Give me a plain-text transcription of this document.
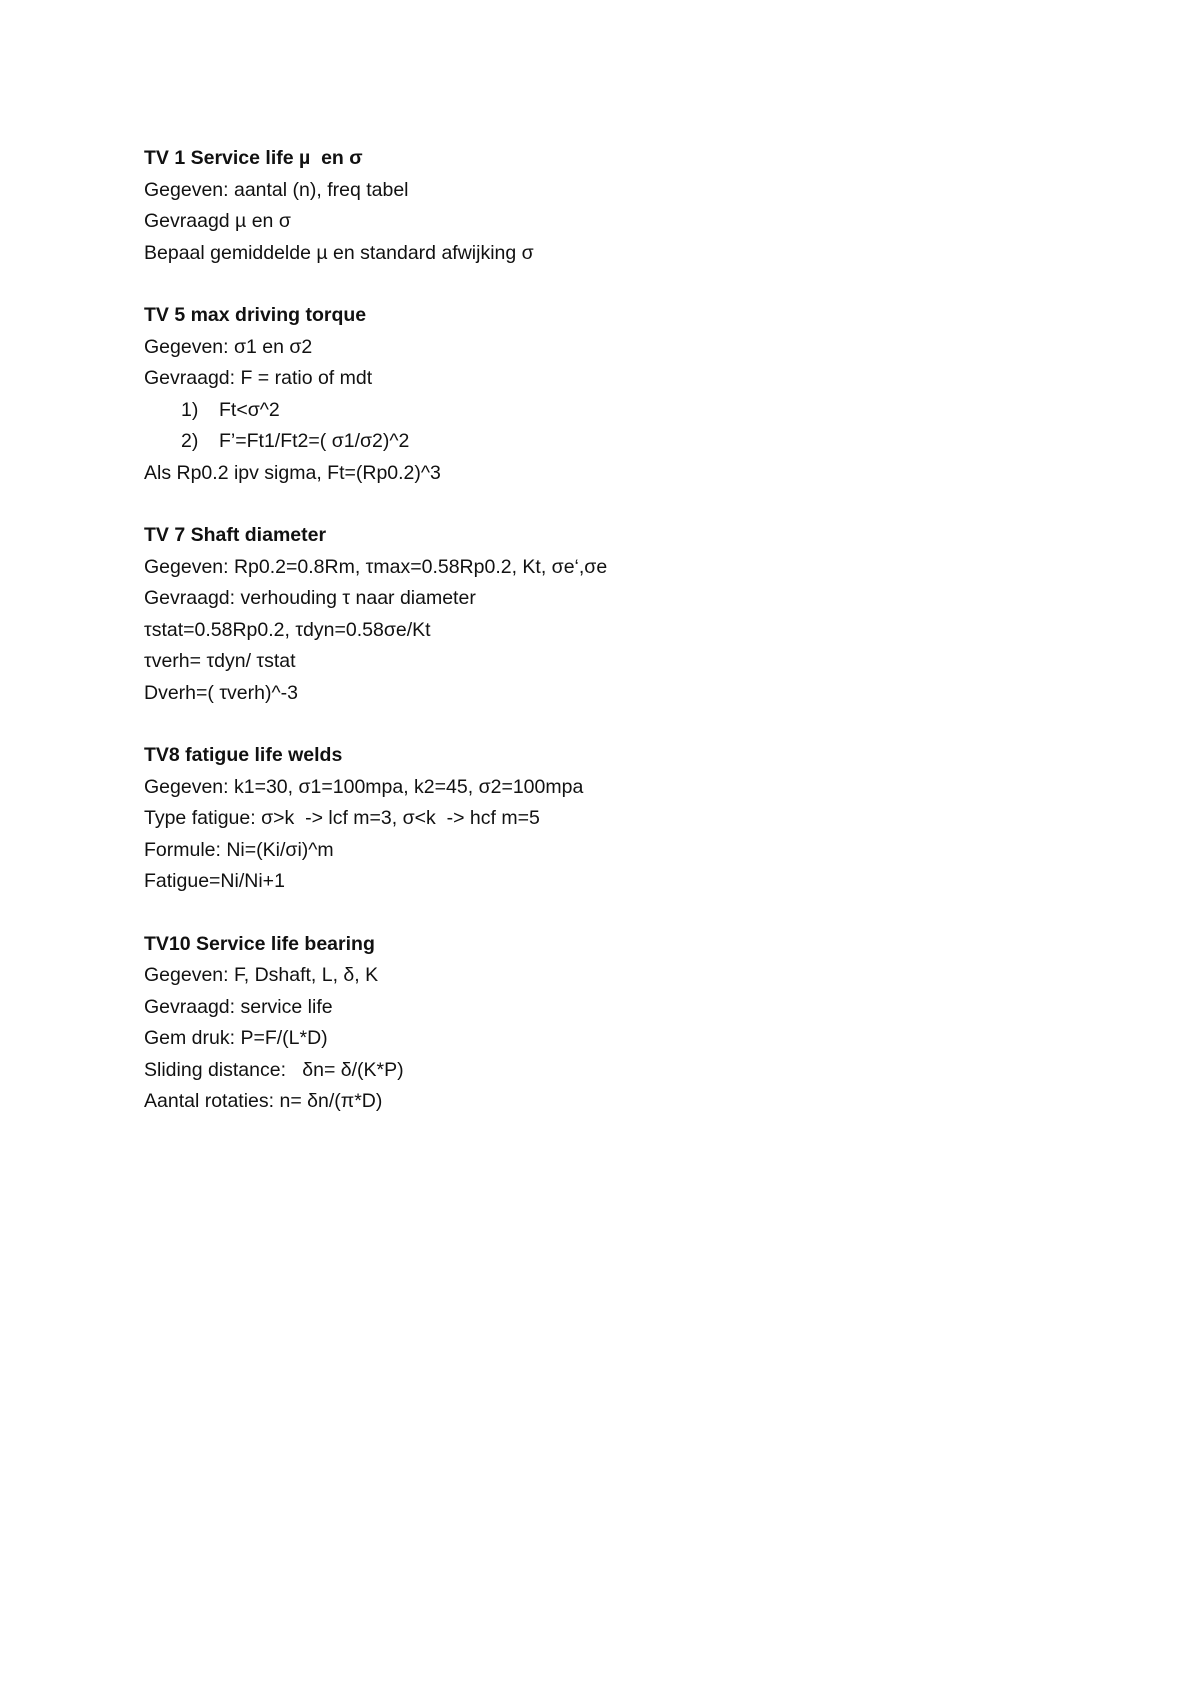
TV 1 Service life µ  en σ
Gegeven: aantal (n), freq tabel
Gevraagd µ en σ
Bepaal gemiddelde µ en standard afwijking σ
TV 5 max driving torque
Gegeven: σ1 en σ2
Gevraagd: F = ratio of mdt
1)	Ft<σ^2
2)	F’=Ft1/Ft2=( σ1/σ2)^2
Als Rp0.2 ipv sigma, Ft=(Rp0.2)^3
TV 7 Shaft diameter
Gegeven: Rp0.2=0.8Rm, τmax=0.58Rp0.2, Kt, σe‘,σe
Gevraagd: verhouding τ naar diameter
τstat=0.58Rp0.2, τdyn=0.58σe/Kt
τverh= τdyn/ τstat
Dverh=( τverh)^-3
TV8 fatigue life welds
Gegeven: k1=30, σ1=100mpa, k2=45, σ2=100mpa
Type fatigue: σ>k  -> lcf m=3, σ<k  -> hcf m=5
Formule: Ni=(Ki/σi)^m
Fatigue=Ni/Ni+1
TV10 Service life bearing
Gegeven: F, Dshaft, L, δ, K
Gevraagd: service life
Gem druk: P=F/(L*D)
Sliding distance:   δn= δ/(K*P)
Aantal rotaties: n= δn/(π*D)
